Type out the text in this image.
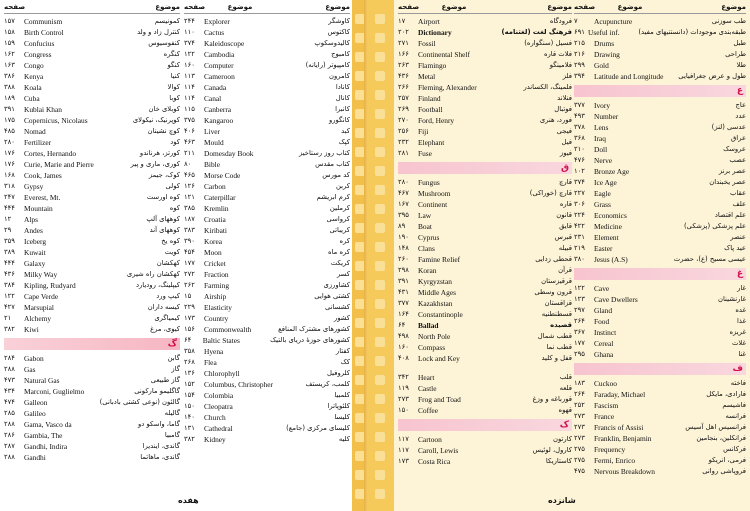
صفحه	موضوع
۱۵۷	Communism	کمونیسم
۱۵۸	Birth Control	کنترل زاد و ولد
۱۵۹	Confucius	کنفوسیوس
۱۶۲	Congress	کنگره
۱۶۳	Congo	کنگو
۳۸۶	Kenya	کنیا
۳۸۸	Koala	کوالا
۱۸۹	Cuba	کوبا
۳۹۱	Kublai Khan	کوبلای خان
۱۷۵	Copernicus, Nicolaus	کوپرنیک، نیکولای
۴۸۵	Nomad	کوچ نشینان
۲۸۰	Fertilizer	کود
۱۷۶	Cortes, Hernando	کورتز، هرناندو
۱۷۶	Curie, Marie and Pierre	کوری، ماری و پیر
۱۶۸	Cook, James	کوک، جیمز
۳۱۸	Gypsy	کولی
۲۴۷	Everest, Mt.	کوه اورست
۴۴۴	Mountain	کوه
۱۲	Alps	کوههای آلپ
۲۹	Andes	کوههای آند
۳۵۹	Iceberg	کوه یخ
۳۸۹	Kuwait	کویت
۴۴۴	Galaxy	کهکشان
۴۳۶	Milky Way	کهکشان راه شیری
۳۸۴	Kipling, Rudyard	کیپلینگ، رودیارد
۱۲۲	Cape Verde	کیپ ورد
۴۲۷	Marsupial	کیسه داران
۲۱	Alchemy	کیمیاگری
۳۸۲	Kiwi	کیوی، مرغ
گ
۲۸۴	Gabon	گابن
۲۸۸	Gas	گاز
۴۷۳	Natural Gas	گاز طبیعی
۴۳۴	Marconi, Guglielmo	گاگلیمو مارکونی
۴۷۴	Galleon	گالئون (نوعی کشتی بادبانی)
۲۸۵	Galileo	گالیله
۲۸۸	Gama, Vasco da	گاما، واسکو دو
۲۸۶	Gambia, The	گامبیا
۲۸۷	Gandhi, Indira	گاندی، ایندیرا
۲۸۸	Gandhi	گاندی، ماهاتما
صفحه	موضوع	موضوع
۲۴۴	Explorer	کاوشگر
۱۱۰	Cactus	کاکتوس
۳۷۴	Kaleidoscope	کالیدوسکوپ
۱۲۲	Cambodia	کامبوج
۱۶۰	Computer	کامپیوتر (رایانه)
۱۱۳	Cameroon	کامرون
۱۱۴	Canada	کانادا
۱۱۴	Canal	کانال
۱۱۵	Canberra	کانبرا
۳۷۵	Kangaroo	کانگورو
۴۰۶	Liver	کبد
۴۶۳	Mould	کپک
۲۱۱	Domesday Book	کتاب روز رستاخیز
۸۰	Bible	کتاب مقدس
۴۶۵	Morse Code	کد مورس
۱۲۶	Carbon	کربن
۱۲۱	Caterpillar	کرم ابریشم
۳۸۵	Kremlin	کرملین
۱۸۷	Croatia	کرواسی
۳۸۳	Kiribati	کریباتی
۳۹۰	Korea	کره
۴۵۴	Moon	کره ماه
۱۷۷	Cricket	کریکت
۲۷۲	Fraction	کسر
۲۶۲	Farming	کشاورزی
۱۵	Airship	کشتی هوایی
۲۲۹	Elasticity	کشسانی
۱۷۳	Country	کشور
۱۵۶	Commonwealth	کشورهای مشترک المنافع
۶۴	Baltic States	کشورهای حوزهٔ دریای بالتیک
۳۵۸	Hyena	کفتار
۲۶۸	Flea	کک
۱۳۶	Chlorophyll	کلروفیل
۱۵۲	Columbus, Christopher	کلمب، کریستف
۱۵۴	Colombia	کلمبیا
۱۵۰	Cleopatra	کلئوپاترا
۱۴۰	Church	کلیسا
۱۳۱	Cathedral	کلیسای مرکزی (جامع)
۳۸۲	Kidney	کلیه
هفده
صفحه	موضوع	موضوع
۱۷	Airport	فرودگاه
۲۰۲	Dictionary	فرهنگ لغت (لغتنامه)
۲۷۱	Fossil	فسیل (سنگواره)
۱۶۶	Continental Shelf	فلات قاره
۲۶۳	Flamingo	فلامینگو
۴۳۶	Metal	فلز
۲۶۶	Fleming, Alexander	فلمینگ، الکساندر
۲۵۷	Finland	فنلاند
۲۶۹	Football	فوتبال
۲۷۰	Ford, Henry	فورد، هنری
۲۵۶	Fiji	فیجی
۲۳۲	Elephant	فیل
۲۸۱	Fuse	فیوز
ق
۲۸۰	Fungus	قارچ
۴۶۷	Mushroom	قارچ (خوراکی)
۱۶۷	Continent	قاره
۳۹۵	Law	قانون
۸۹	Boat	قایق
۱۹۰	Cyprus	قبرس
۱۴۸	Clans	قبیله
۲۶۰	Famine Relief	قحطی زدایی
۲۹۸	Koran	قرآن
۳۹۱	Kyrgyzstan	قرقیزستان
۴۳۱	Middle Ages	قرون وسطی
۳۷۷	Kazakhstan	قزاقستان
۱۶۴	Constantinople	قسطنطنیه
۶۴	Ballad	قصیده
۴۹۸	North Pole	قطب شمال
۱۶۰	Compass	قطب نما
۴۰۸	Lock and Key	قفل و کلید
۳۴۲	Heart	قلب
۱۱۹	Castle	قلعه
۲۷۳	Frog and Toad	قورباغه و وزغ
۱۵۰	Coffee	قهوه
ک
۱۱۷	Cartoon	کارتون
۱۱۷	Caroll, Lewis	کارول، لوئیس
۱۷۳	Costa Rica	کاستاریکا
صفحه	موضوع	موضوع
۷	Acupuncture	طب سوزنی
۶۹۱ Useful inf.	طبقه‌بندی موجودات (دانستنیهای مفید)
۲۱۵	Drums	طبل
۲۱۶	Drawing	طراحی
۲۹۹	Gold	طلا
۳۹۴	Latitude and Longitude	طول و عرض جغرافیایی
ع
۳۷۷	Ivory	عاج
۴۹۳	Number	عدد
۳۷۸	Lens	عدسی (لنز)
۳۶۸	Iraq	عراق
۲۱۰	Doll	عروسک
۴۷۶	Nerve	عصب
۱۰۲	Bronze Age	عصر برنز
۳۷۴	Ice Age	عصر یخبندان
۲۲۷	Eagle	عقاب
۳۰۶	Grass	علف
۲۲۴	Economics	علم اقتصاد
۴۲۲	Medicine	علم پزشکی (پزشکی)
۲۳۱	Element	عنصر
۲۱۹	Easter	عید پاک
۳۸۰	Jesus (A.S)	عیسی مسیح (ع)، حضرت
غ
۱۲۲	Cave	غار
۱۲۳	Cave Dwellers	غارنشینان
۲۹۷	Gland	غده
۲۶۴	Food	غذا
۳۶۷	Instinct	غریزه
۱۷۷	Cereal	غلات
۲۹۵	Ghana	غنا
ف
۱۸۳	Cuckoo	فاخته
۲۶۴	Faraday, Michael	فارادی، مایکل
۲۵۲	Fascism	فاشیسم
۲۷۳	France	فرانسه
۲۷۳	Francis of Assisi	فرانسیس اهل آسیس
۲۷۳	Franklin, Benjamin	فرانکلین، بنجامین
۲۷۵	Frequency	فرکانس
۲۷۵	Fermi, Enrico	فرمی، انریکو
۴۷۵	Nervous Breakdown	فروپاشی روانی
شانزده
